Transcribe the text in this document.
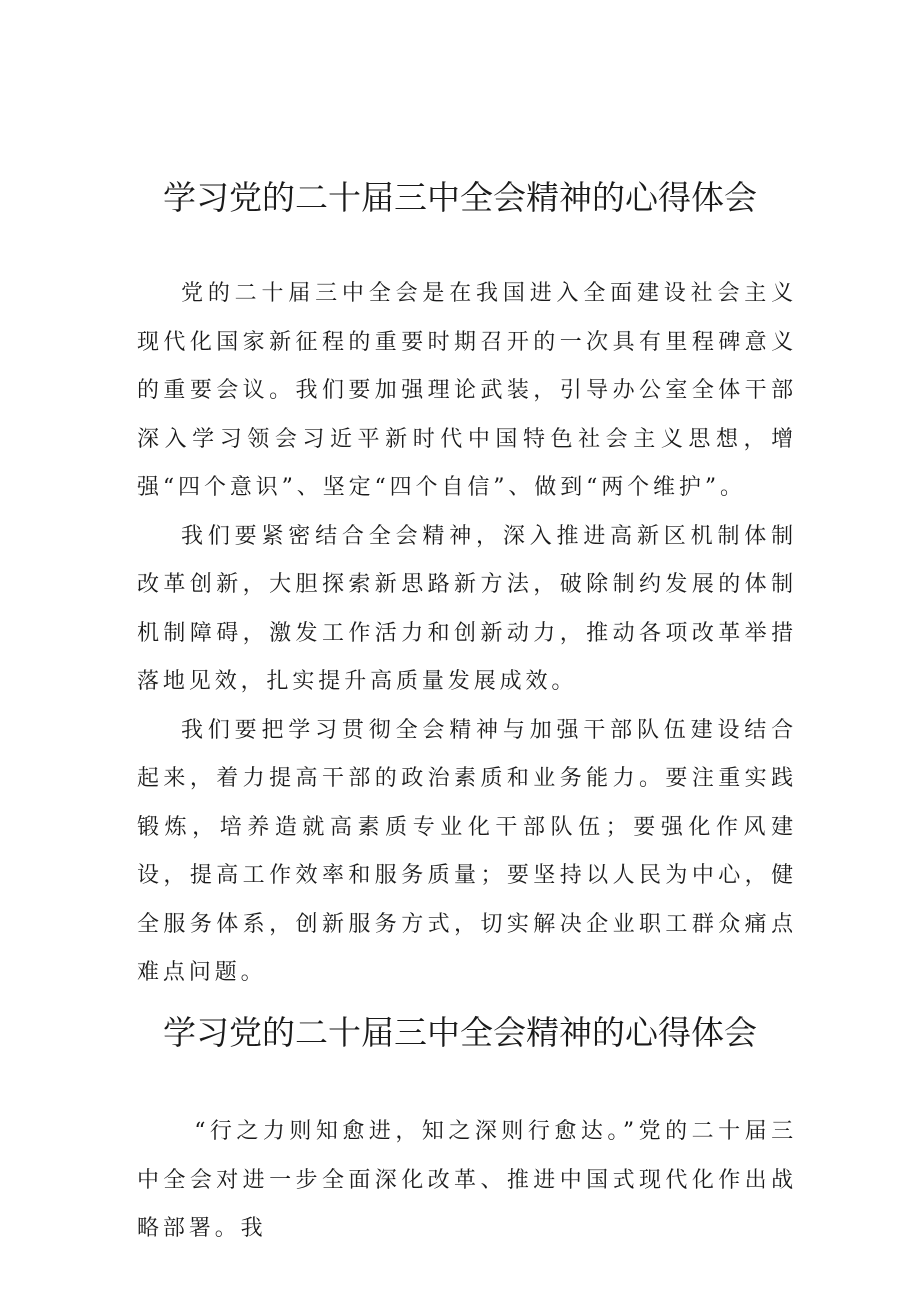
学习党的二十届三中全会精神的心得体会

党的二十届三中全会是在我国进入全面建设社会主义现代化国家新征程的重要时期召开的一次具有里程碑意义的重要会议。我们要加强理论武装，引导办公室全体干部深入学习领会习近平新时代中国特色社会主义思想，增强“四个意识”、坚定“四个自信”、做到“两个维护”。

我们要紧密结合全会精神，深入推进高新区机制体制改革创新，大胆探索新思路新方法，破除制约发展的体制机制障碍，激发工作活力和创新动力，推动各项改革举措落地见效，扎实提升高质量发展成效。

我们要把学习贯彻全会精神与加强干部队伍建设结合起来，着力提高干部的政治素质和业务能力。要注重实践锻炼，培养造就高素质专业化干部队伍；要强化作风建设，提高工作效率和服务质量；要坚持以人民为中心，健全服务体系，创新服务方式，切实解决企业职工群众痛点难点问题。

学习党的二十届三中全会精神的心得体会

“行之力则知愈进，知之深则行愈达。”党的二十届三中全会对进一步全面深化改革、推进中国式现代化作出战略部署。我
